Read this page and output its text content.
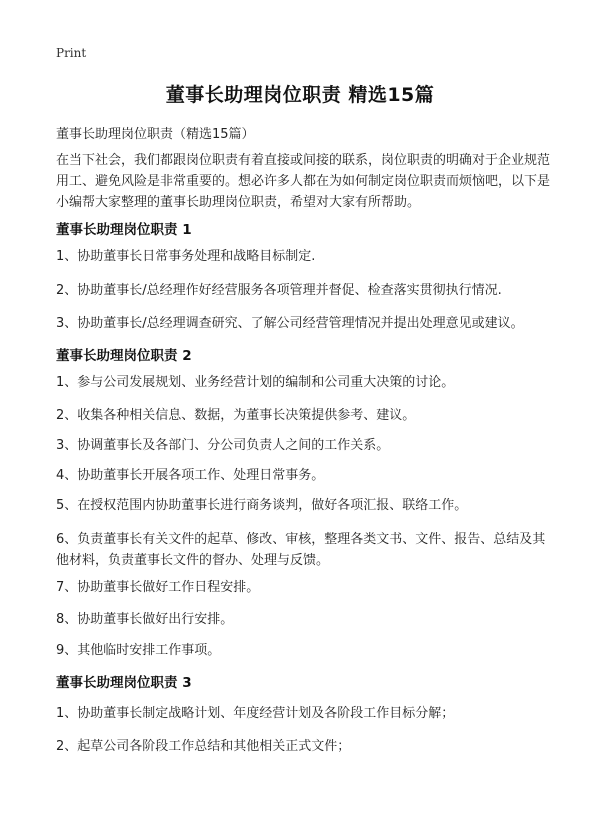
Print
董事长助理岗位职责 精选15篇
董事长助理岗位职责（精选15篇）
在当下社会，我们都跟岗位职责有着直接或间接的联系，岗位职责的明确对于企业规范用工、避免风险是非常重要的。想必许多人都在为如何制定岗位职责而烦恼吧，以下是小编帮大家整理的董事长助理岗位职责，希望对大家有所帮助。
董事长助理岗位职责 1
1、协助董事长日常事务处理和战略目标制定.
2、协助董事长/总经理作好经营服务各项管理并督促、检查落实贯彻执行情况.
3、协助董事长/总经理调查研究、了解公司经营管理情况并提出处理意见或建议。
董事长助理岗位职责 2
1、参与公司发展规划、业务经营计划的编制和公司重大决策的讨论。
2、收集各种相关信息、数据，为董事长决策提供参考、建议。
3、协调董事长及各部门、分公司负责人之间的工作关系。
4、协助董事长开展各项工作、处理日常事务。
5、在授权范围内协助董事长进行商务谈判，做好各项汇报、联络工作。
6、负责董事长有关文件的起草、修改、审核，整理各类文书、文件、报告、总结及其他材料，负责董事长文件的督办、处理与反馈。
7、协助董事长做好工作日程安排。
8、协助董事长做好出行安排。
9、其他临时安排工作事项。
董事长助理岗位职责 3
1、协助董事长制定战略计划、年度经营计划及各阶段工作目标分解；
2、起草公司各阶段工作总结和其他相关正式文件；
